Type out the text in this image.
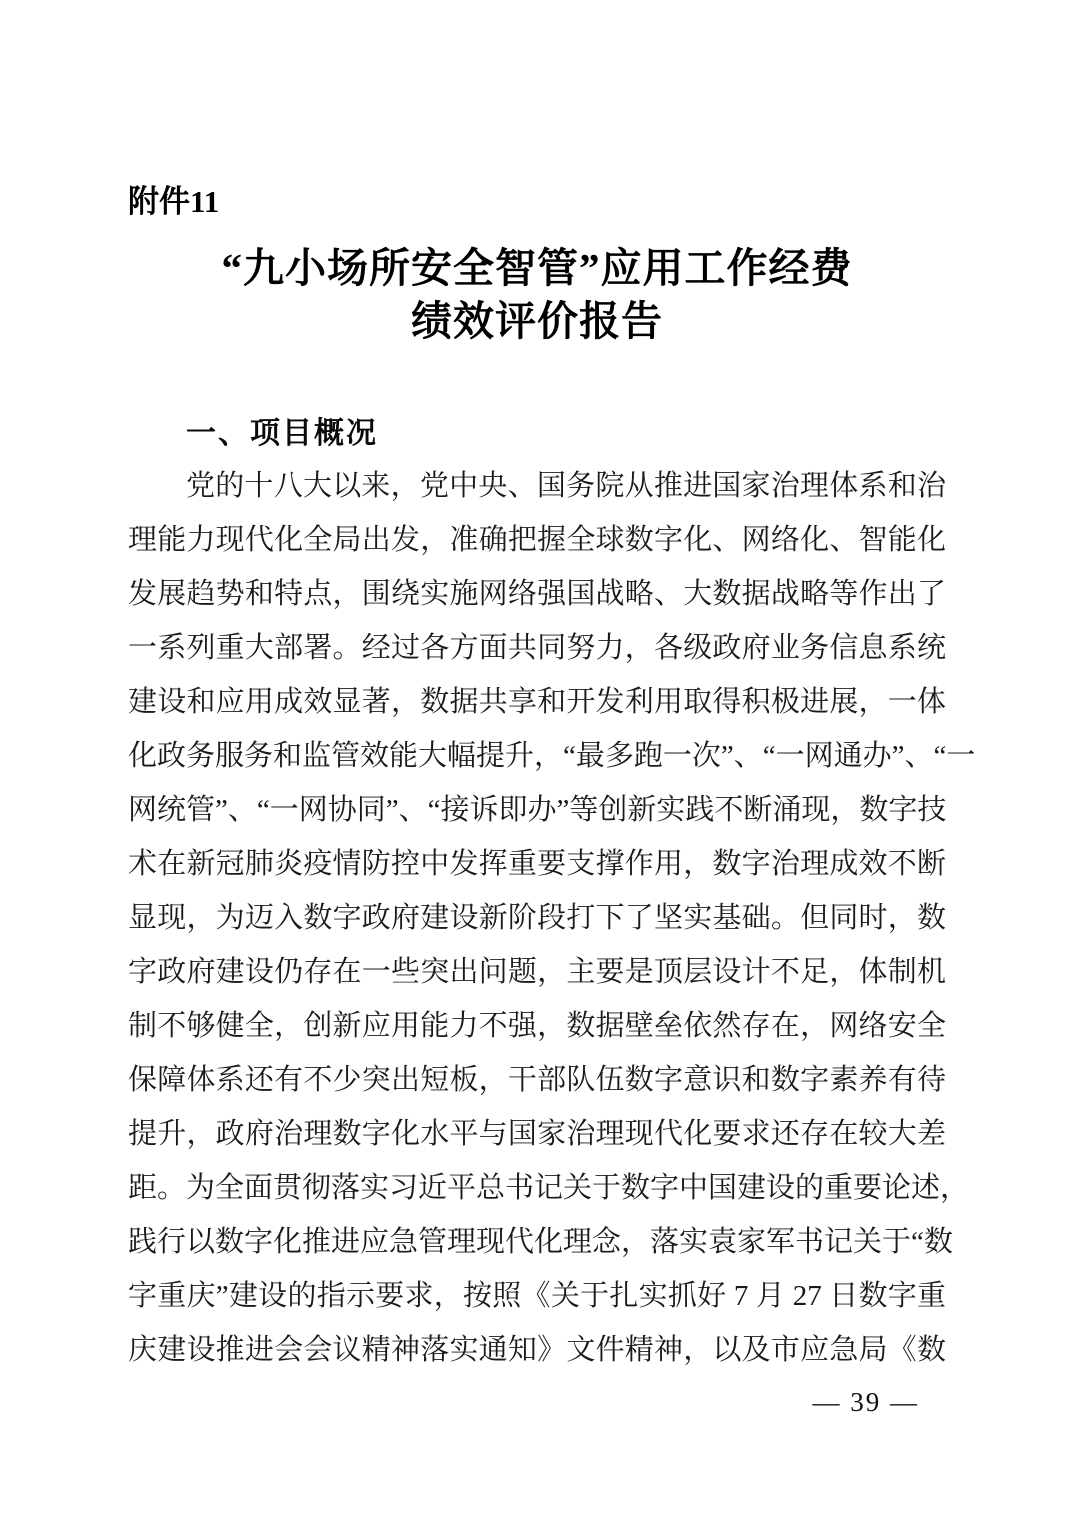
附件11
“九小场所安全智管”应用工作经费
绩效评价报告
一、项目概况
党的十八大以来，党中央、国务院从推进国家治理体系和治
理能力现代化全局出发，准确把握全球数字化、网络化、智能化
发展趋势和特点，围绕实施网络强国战略、大数据战略等作出了
一系列重大部署。经过各方面共同努力，各级政府业务信息系统
建设和应用成效显著，数据共享和开发利用取得积极进展，一体
化政务服务和监管效能大幅提升，“最多跑一次”、“一网通办”、“一
网统管”、“一网协同”、“接诉即办”等创新实践不断涌现，数字技
术在新冠肺炎疫情防控中发挥重要支撑作用，数字治理成效不断
显现，为迈入数字政府建设新阶段打下了坚实基础。但同时，数
字政府建设仍存在一些突出问题，主要是顶层设计不足，体制机
制不够健全，创新应用能力不强，数据壁垒依然存在，网络安全
保障体系还有不少突出短板，干部队伍数字意识和数字素养有待
提升，政府治理数字化水平与国家治理现代化要求还存在较大差
距。为全面贯彻落实习近平总书记关于数字中国建设的重要论述，
践行以数字化推进应急管理现代化理念，落实袁家军书记关于“数
字重庆”建设的指示要求，按照《关于扎实抓好 7 月 27 日数字重
庆建设推进会会议精神落实通知》文件精神，以及市应急局《数
— 39 —
